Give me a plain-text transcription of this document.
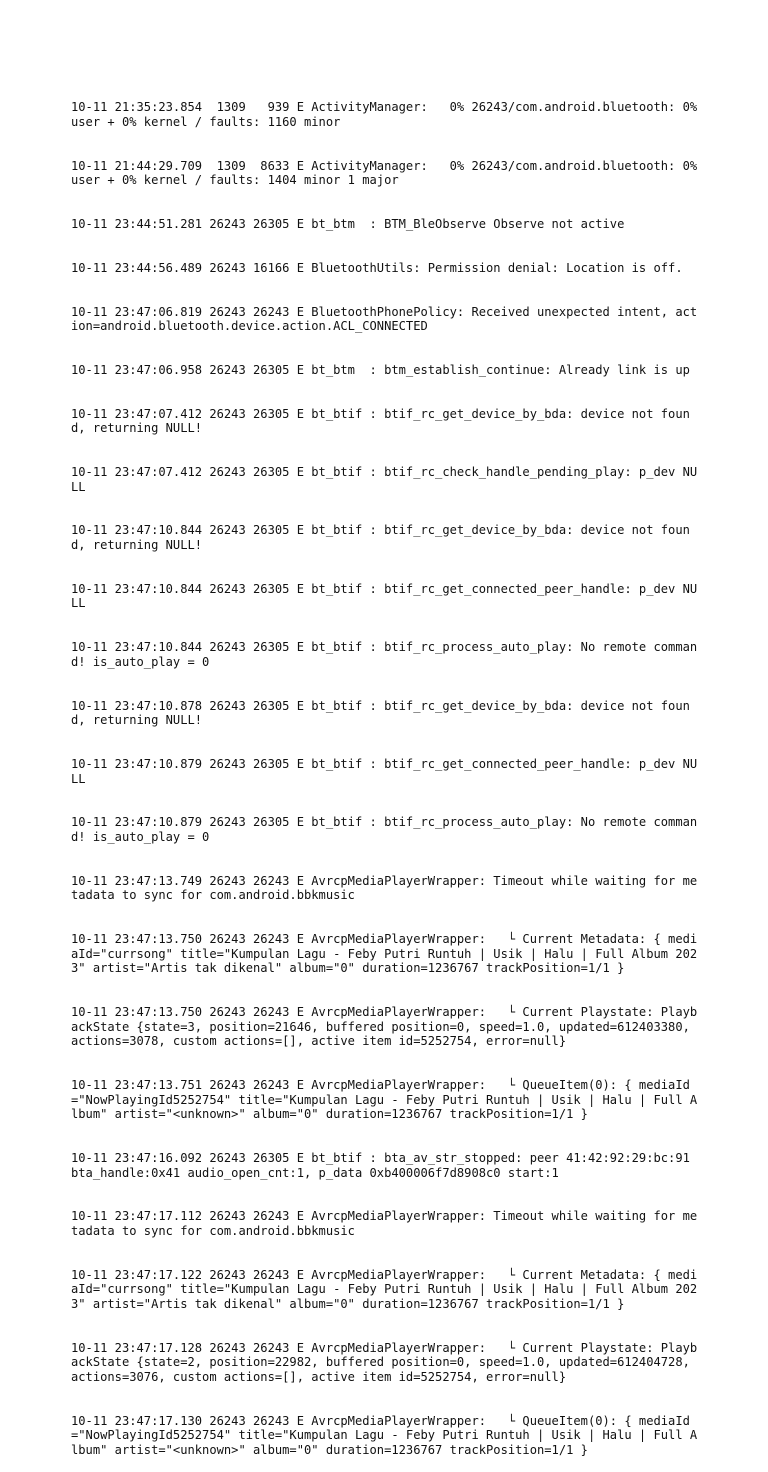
10-11 21:35:23.854  1309   939 E ActivityManager:   0% 26243/com.android.bluetooth: 0% user + 0% kernel / faults: 1160 minor

10-11 21:44:29.709  1309  8633 E ActivityManager:   0% 26243/com.android.bluetooth: 0% user + 0% kernel / faults: 1404 minor 1 major

10-11 23:44:51.281 26243 26305 E bt_btm  : BTM_BleObserve Observe not active

10-11 23:44:56.489 26243 16166 E BluetoothUtils: Permission denial: Location is off.

10-11 23:47:06.819 26243 26243 E BluetoothPhonePolicy: Received unexpected intent, action=android.bluetooth.device.action.ACL_CONNECTED

10-11 23:47:06.958 26243 26305 E bt_btm  : btm_establish_continue: Already link is up

10-11 23:47:07.412 26243 26305 E bt_btif : btif_rc_get_device_by_bda: device not found, returning NULL!

10-11 23:47:07.412 26243 26305 E bt_btif : btif_rc_check_handle_pending_play: p_dev NULL

10-11 23:47:10.844 26243 26305 E bt_btif : btif_rc_get_device_by_bda: device not found, returning NULL!

10-11 23:47:10.844 26243 26305 E bt_btif : btif_rc_get_connected_peer_handle: p_dev NULL

10-11 23:47:10.844 26243 26305 E bt_btif : btif_rc_process_auto_play: No remote command! is_auto_play = 0

10-11 23:47:10.878 26243 26305 E bt_btif : btif_rc_get_device_by_bda: device not found, returning NULL!

10-11 23:47:10.879 26243 26305 E bt_btif : btif_rc_get_connected_peer_handle: p_dev NULL

10-11 23:47:10.879 26243 26305 E bt_btif : btif_rc_process_auto_play: No remote command! is_auto_play = 0

10-11 23:47:13.749 26243 26243 E AvrcpMediaPlayerWrapper: Timeout while waiting for metadata to sync for com.android.bbkmusic

10-11 23:47:13.750 26243 26243 E AvrcpMediaPlayerWrapper:   └ Current Metadata: { mediaId="currsong" title="Kumpulan Lagu - Feby Putri Runtuh | Usik | Halu | Full Album 2023" artist="Artis tak dikenal" album="0" duration=1236767 trackPosition=1/1 }

10-11 23:47:13.750 26243 26243 E AvrcpMediaPlayerWrapper:   └ Current Playstate: PlaybackState {state=3, position=21646, buffered position=0, speed=1.0, updated=612403380, actions=3078, custom actions=[], active item id=5252754, error=null}

10-11 23:47:13.751 26243 26243 E AvrcpMediaPlayerWrapper:   └ QueueItem(0): { mediaId="NowPlayingId5252754" title="Kumpulan Lagu - Feby Putri Runtuh | Usik | Halu | Full Album" artist="<unknown>" album="0" duration=1236767 trackPosition=1/1 }

10-11 23:47:16.092 26243 26305 E bt_btif : bta_av_str_stopped: peer 41:42:92:29:bc:91 bta_handle:0x41 audio_open_cnt:1, p_data 0xb400006f7d8908c0 start:1

10-11 23:47:17.112 26243 26243 E AvrcpMediaPlayerWrapper: Timeout while waiting for metadata to sync for com.android.bbkmusic

10-11 23:47:17.122 26243 26243 E AvrcpMediaPlayerWrapper:   └ Current Metadata: { mediaId="currsong" title="Kumpulan Lagu - Feby Putri Runtuh | Usik | Halu | Full Album 2023" artist="Artis tak dikenal" album="0" duration=1236767 trackPosition=1/1 }

10-11 23:47:17.128 26243 26243 E AvrcpMediaPlayerWrapper:   └ Current Playstate: PlaybackState {state=2, position=22982, buffered position=0, speed=1.0, updated=612404728, actions=3076, custom actions=[], active item id=5252754, error=null}

10-11 23:47:17.130 26243 26243 E AvrcpMediaPlayerWrapper:   └ QueueItem(0): { mediaId="NowPlayingId5252754" title="Kumpulan Lagu - Feby Putri Runtuh | Usik | Halu | Full Album" artist="<unknown>" album="0" duration=1236767 trackPosition=1/1 }
